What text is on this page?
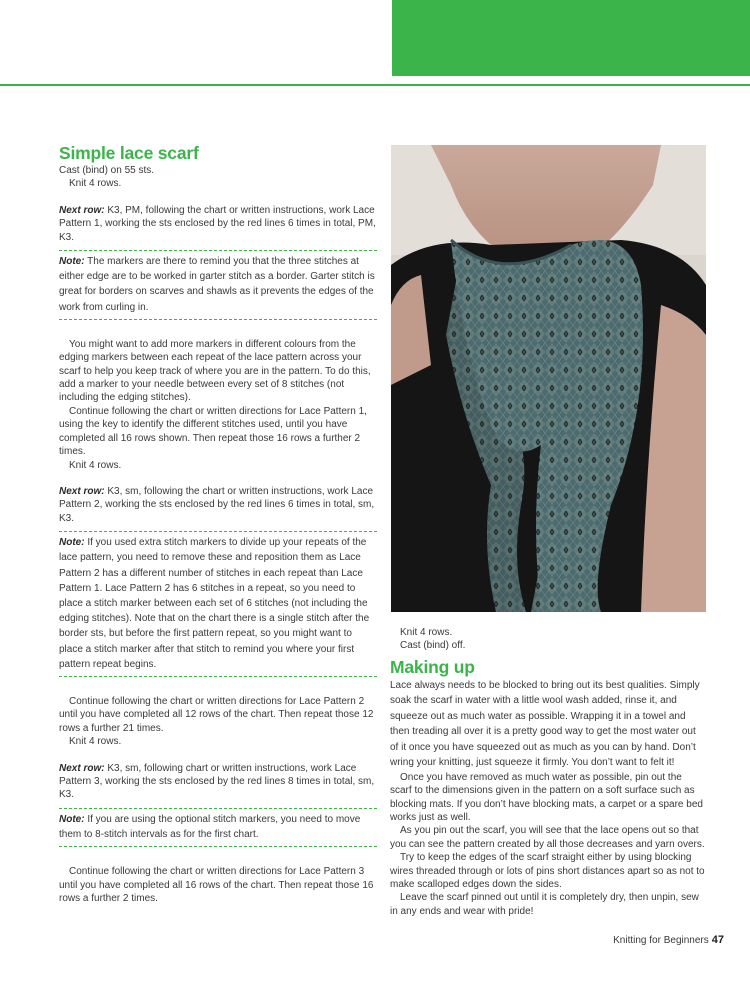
Simple lace scarf

Cast (bind) on 55 sts.

Knit 4 rows.

Next row: K3, PM, following the chart or written instructions, work Lace Pattern 1, working the sts enclosed by the red lines 6 times in total, PM, K3.

Note: The markers are there to remind you that the three stitches at either edge are to be worked in garter stitch as a border. Garter stitch is great for borders on scarves and shawls as it prevents the edges of the work from curling in.

You might want to add more markers in different colours from the edging markers between each repeat of the lace pattern across your scarf to help you keep track of where you are in the pattern. To do this, add a marker to your needle between every set of 8 stitches (not including the edging stitches).

Continue following the chart or written directions for Lace Pattern 1, using the key to identify the different stitches used, until you have completed all 16 rows shown. Then repeat those 16 rows a further 2 times.

Knit 4 rows.

Next row: K3, sm, following the chart or written instructions, work Lace Pattern 2, working the sts enclosed by the red lines 6 times in total, sm, K3.

Note: If you used extra stitch markers to divide up your repeats of the lace pattern, you need to remove these and reposition them as Lace Pattern 2 has a different number of stitches in each repeat than Lace Pattern 1. Lace Pattern 2 has 6 stitches in a repeat, so you need to place a stitch marker between each set of 6 stitches (not including the edging stitches). Note that on the chart there is a single stitch after the border sts, but before the first pattern repeat, so you might want to place a stitch marker after that stitch to remind you where your first pattern repeat begins.

Continue following the chart or written directions for Lace Pattern 2 until you have completed all 12 rows of the chart. Then repeat those 12 rows a further 21 times.

Knit 4 rows.

Next row: K3, sm, following chart or written instructions, work Lace Pattern 3, working the sts enclosed by the red lines 8 times in total, sm, K3.

Note: If you are using the optional stitch markers, you need to move them to 8-stitch intervals as for the first chart.

Continue following the chart or written directions for Lace Pattern 3 until you have completed all 16 rows of the chart. Then repeat those 16 rows a further 2 times.

Knit 4 rows.

Cast (bind) off.

Making up

Lace always needs to be blocked to bring out its best qualities. Simply soak the scarf in water with a little wool wash added, rinse it, and squeeze out as much water as possible. Wrapping it in a towel and then treading all over it is a pretty good way to get the most water out of it once you have squeezed out as much as you can by hand. Don’t wring your knitting, just squeeze it firmly. You don’t want to felt it!

Once you have removed as much water as possible, pin out the scarf to the dimensions given in the pattern on a soft surface such as blocking mats. If you don’t have blocking mats, a carpet or a spare bed works just as well.

As you pin out the scarf, you will see that the lace opens out so that you can see the pattern created by all those decreases and yarn overs.

Try to keep the edges of the scarf straight either by using blocking wires threaded through or lots of pins short distances apart so as not to make scalloped edges down the sides.

Leave the scarf pinned out until it is completely dry, then unpin, sew in any ends and wear with pride!

Knitting for Beginners 47
